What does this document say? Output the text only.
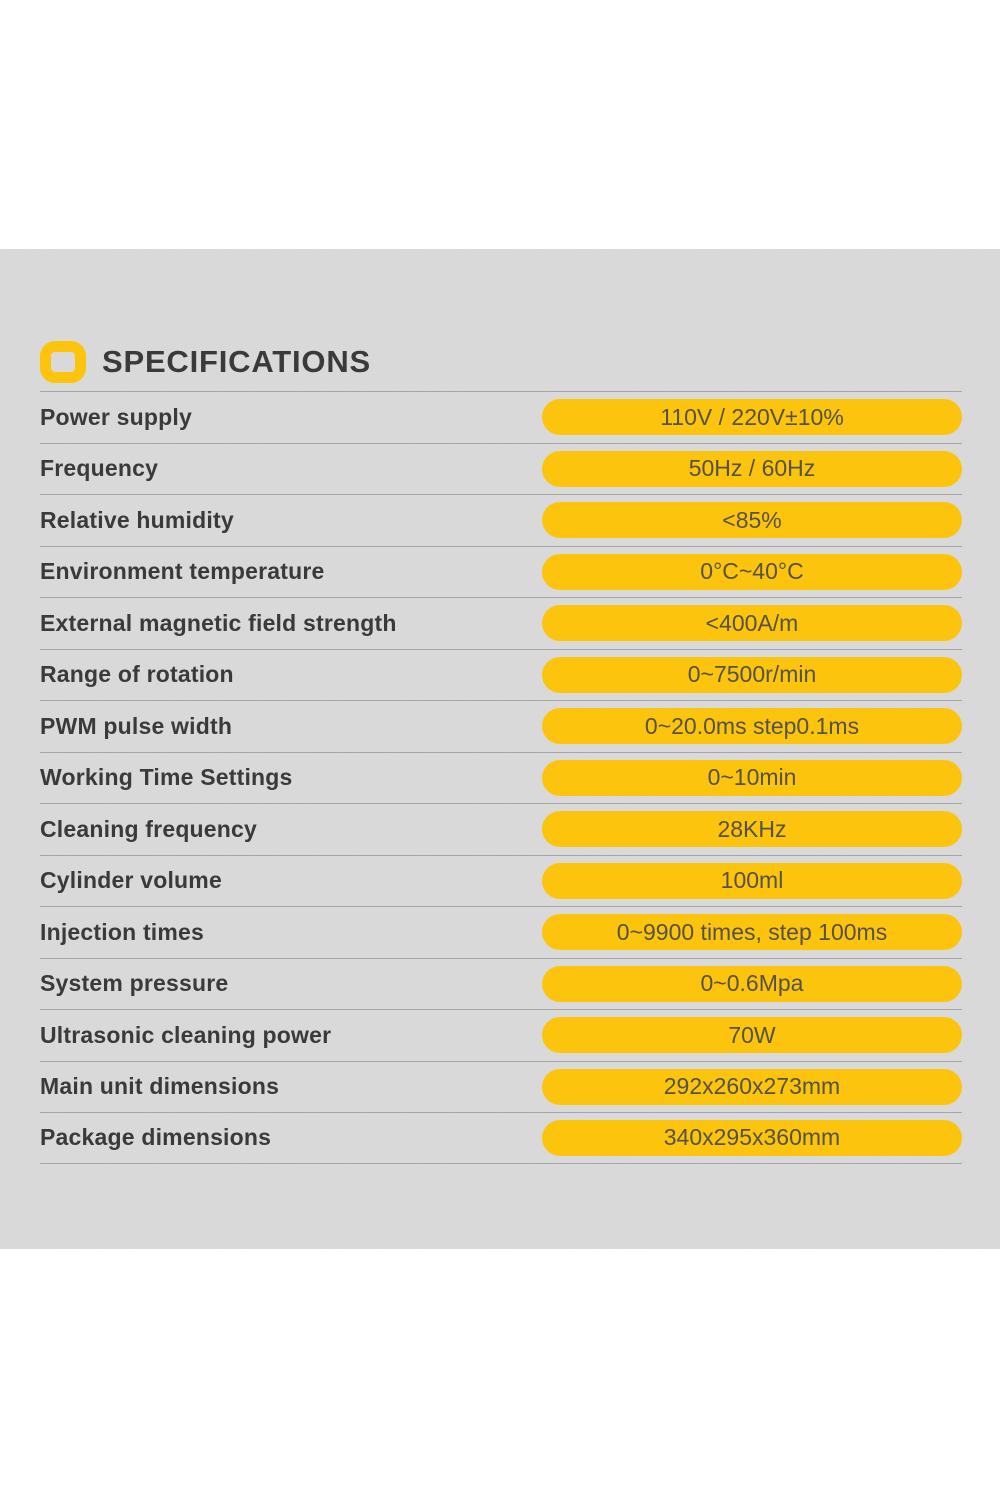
SPECIFICATIONS
Power supply	110V / 220V±10%
Frequency	50Hz / 60Hz
Relative humidity	<85%
Environment temperature	0°C~40°C
External magnetic field strength	<400A/m
Range of rotation	0~7500r/min
PWM pulse width	0~20.0ms step0.1ms
Working Time Settings	0~10min
Cleaning frequency	28KHz
Cylinder volume	100ml
Injection times	0~9900 times, step 100ms
System pressure	0~0.6Mpa
Ultrasonic cleaning power	70W
Main unit dimensions	292x260x273mm
Package dimensions	340x295x360mm
